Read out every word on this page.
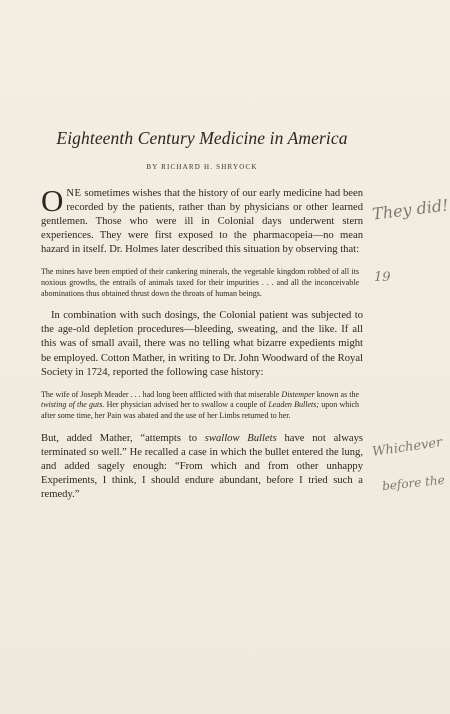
Eighteenth Century Medicine in America
BY RICHARD H. SHRYOCK

ONE sometimes wishes that the history of our early medicine had been recorded by the patients, rather than by physicians or other learned gentlemen. Those who were ill in Colonial days underwent stern experiences. They were first exposed to the pharmacopeia—no mean hazard in itself. Dr. Holmes later described this situation by observing that:

The mines have been emptied of their cankering minerals, the vegetable kingdom robbed of all its noxious growths, the entrails of animals taxed for their impurities . . . and all the inconceivable abominations thus obtained thrust down the throats of human beings.

In combination with such dosings, the Colonial patient was subjected to the age-old depletion procedures—bleeding, sweating, and the like. If all this was of small avail, there was no telling what bizarre expedients might be employed. Cotton Mather, in writing to Dr. John Woodward of the Royal Society in 1724, reported the following case history:

The wife of Joseph Meader . . . had long been afflicted with that miserable Distemper known as the twisting of the guts. Her physician advised her to swallow a couple of Leaden Bullets; upon which after some time, her Pain was abated and the use of her Limbs returned to her.

But, added Mather, “attempts to swallow Bullets have not always terminated so well.” He recalled a case in which the bullet entered the lung, and added sagely enough: “From which and from other unhappy Experiments, I think, I should endure abundant, before I tried such a remedy.”

They did!
19
Whichever
before the
